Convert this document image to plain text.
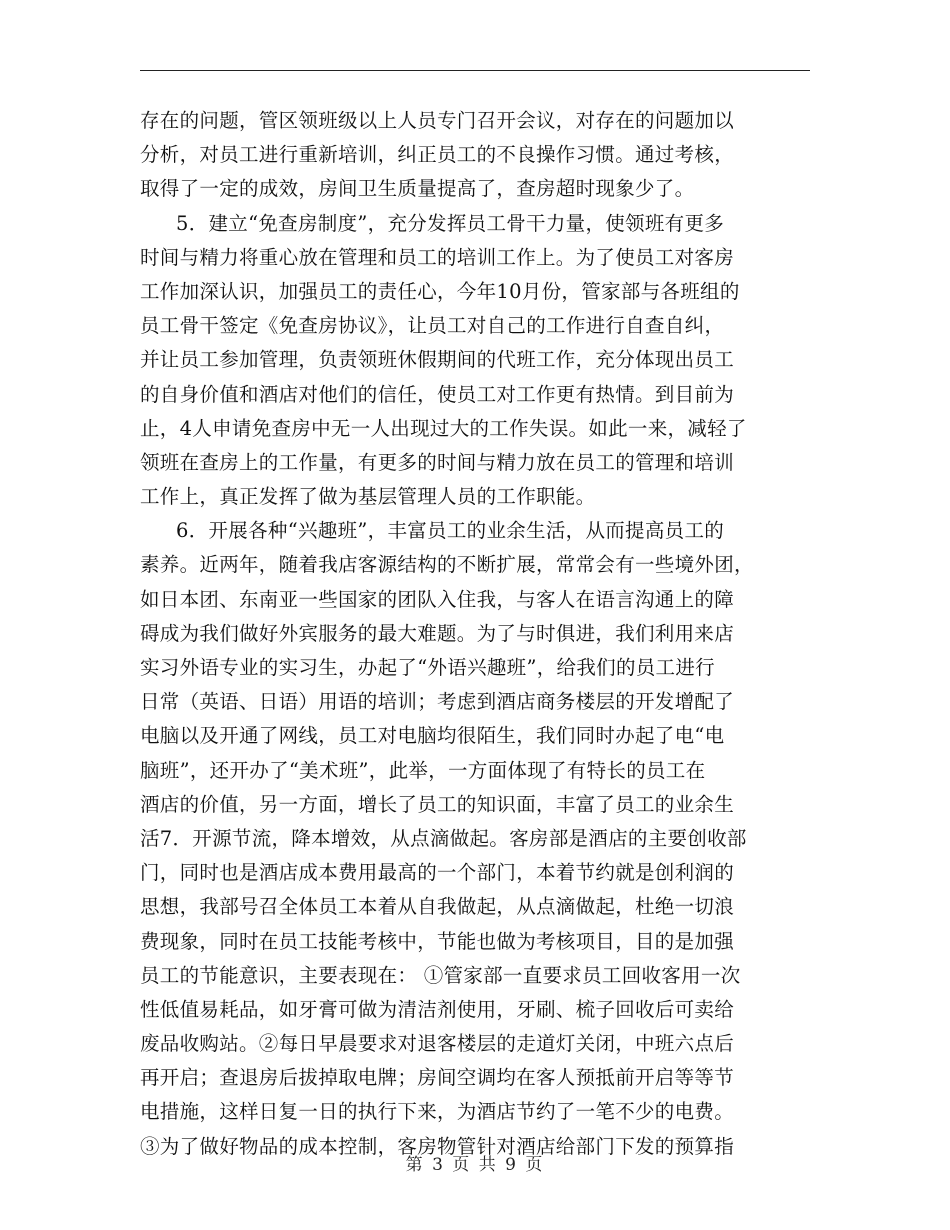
存在的问题，管区领班级以上人员专门召开会议，对存在的问题加以
分析，对员工进行重新培训，纠正员工的不良操作习惯。通过考核，
取得了一定的成效，房间卫生质量提高了，查房超时现象少了。
5．建立“免查房制度”，充分发挥员工骨干力量，使领班有更多
时间与精力将重心放在管理和员工的培训工作上。为了使员工对客房
工作加深认识，加强员工的责任心，今年10月份，管家部与各班组的
员工骨干签定《免查房协议》，让员工对自己的工作进行自查自纠，
并让员工参加管理，负责领班休假期间的代班工作，充分体现出员工
的自身价值和酒店对他们的信任，使员工对工作更有热情。到目前为
止，4人申请免查房中无一人出现过大的工作失误。如此一来，减轻了
领班在查房上的工作量，有更多的时间与精力放在员工的管理和培训
工作上，真正发挥了做为基层管理人员的工作职能。
6．开展各种“兴趣班”，丰富员工的业余生活，从而提高员工的
素养。近两年，随着我店客源结构的不断扩展，常常会有一些境外团，
如日本团、东南亚一些国家的团队入住我，与客人在语言沟通上的障
碍成为我们做好外宾服务的最大难题。为了与时俱进，我们利用来店
实习外语专业的实习生，办起了“外语兴趣班”，给我们的员工进行
日常（英语、日语）用语的培训；考虑到酒店商务楼层的开发增配了
电脑以及开通了网线，员工对电脑均很陌生，我们同时办起了电“电
脑班”，还开办了“美术班”，此举，一方面体现了有特长的员工在
酒店的价值，另一方面，增长了员工的知识面，丰富了员工的业余生
活7．开源节流，降本增效，从点滴做起。客房部是酒店的主要创收部
门，同时也是酒店成本费用最高的一个部门，本着节约就是创利润的
思想，我部号召全体员工本着从自我做起，从点滴做起，杜绝一切浪
费现象，同时在员工技能考核中，节能也做为考核项目，目的是加强
员工的节能意识，主要表现在： ①管家部一直要求员工回收客用一次
性低值易耗品，如牙膏可做为清洁剂使用，牙刷、梳子回收后可卖给
废品收购站。②每日早晨要求对退客楼层的走道灯关闭，中班六点后
再开启；查退房后拔掉取电牌；房间空调均在客人预抵前开启等等节
电措施，这样日复一日的执行下来，为酒店节约了一笔不少的电费。
③为了做好物品的成本控制，客房物管针对酒店给部门下发的预算指
第 3 页 共 9 页
